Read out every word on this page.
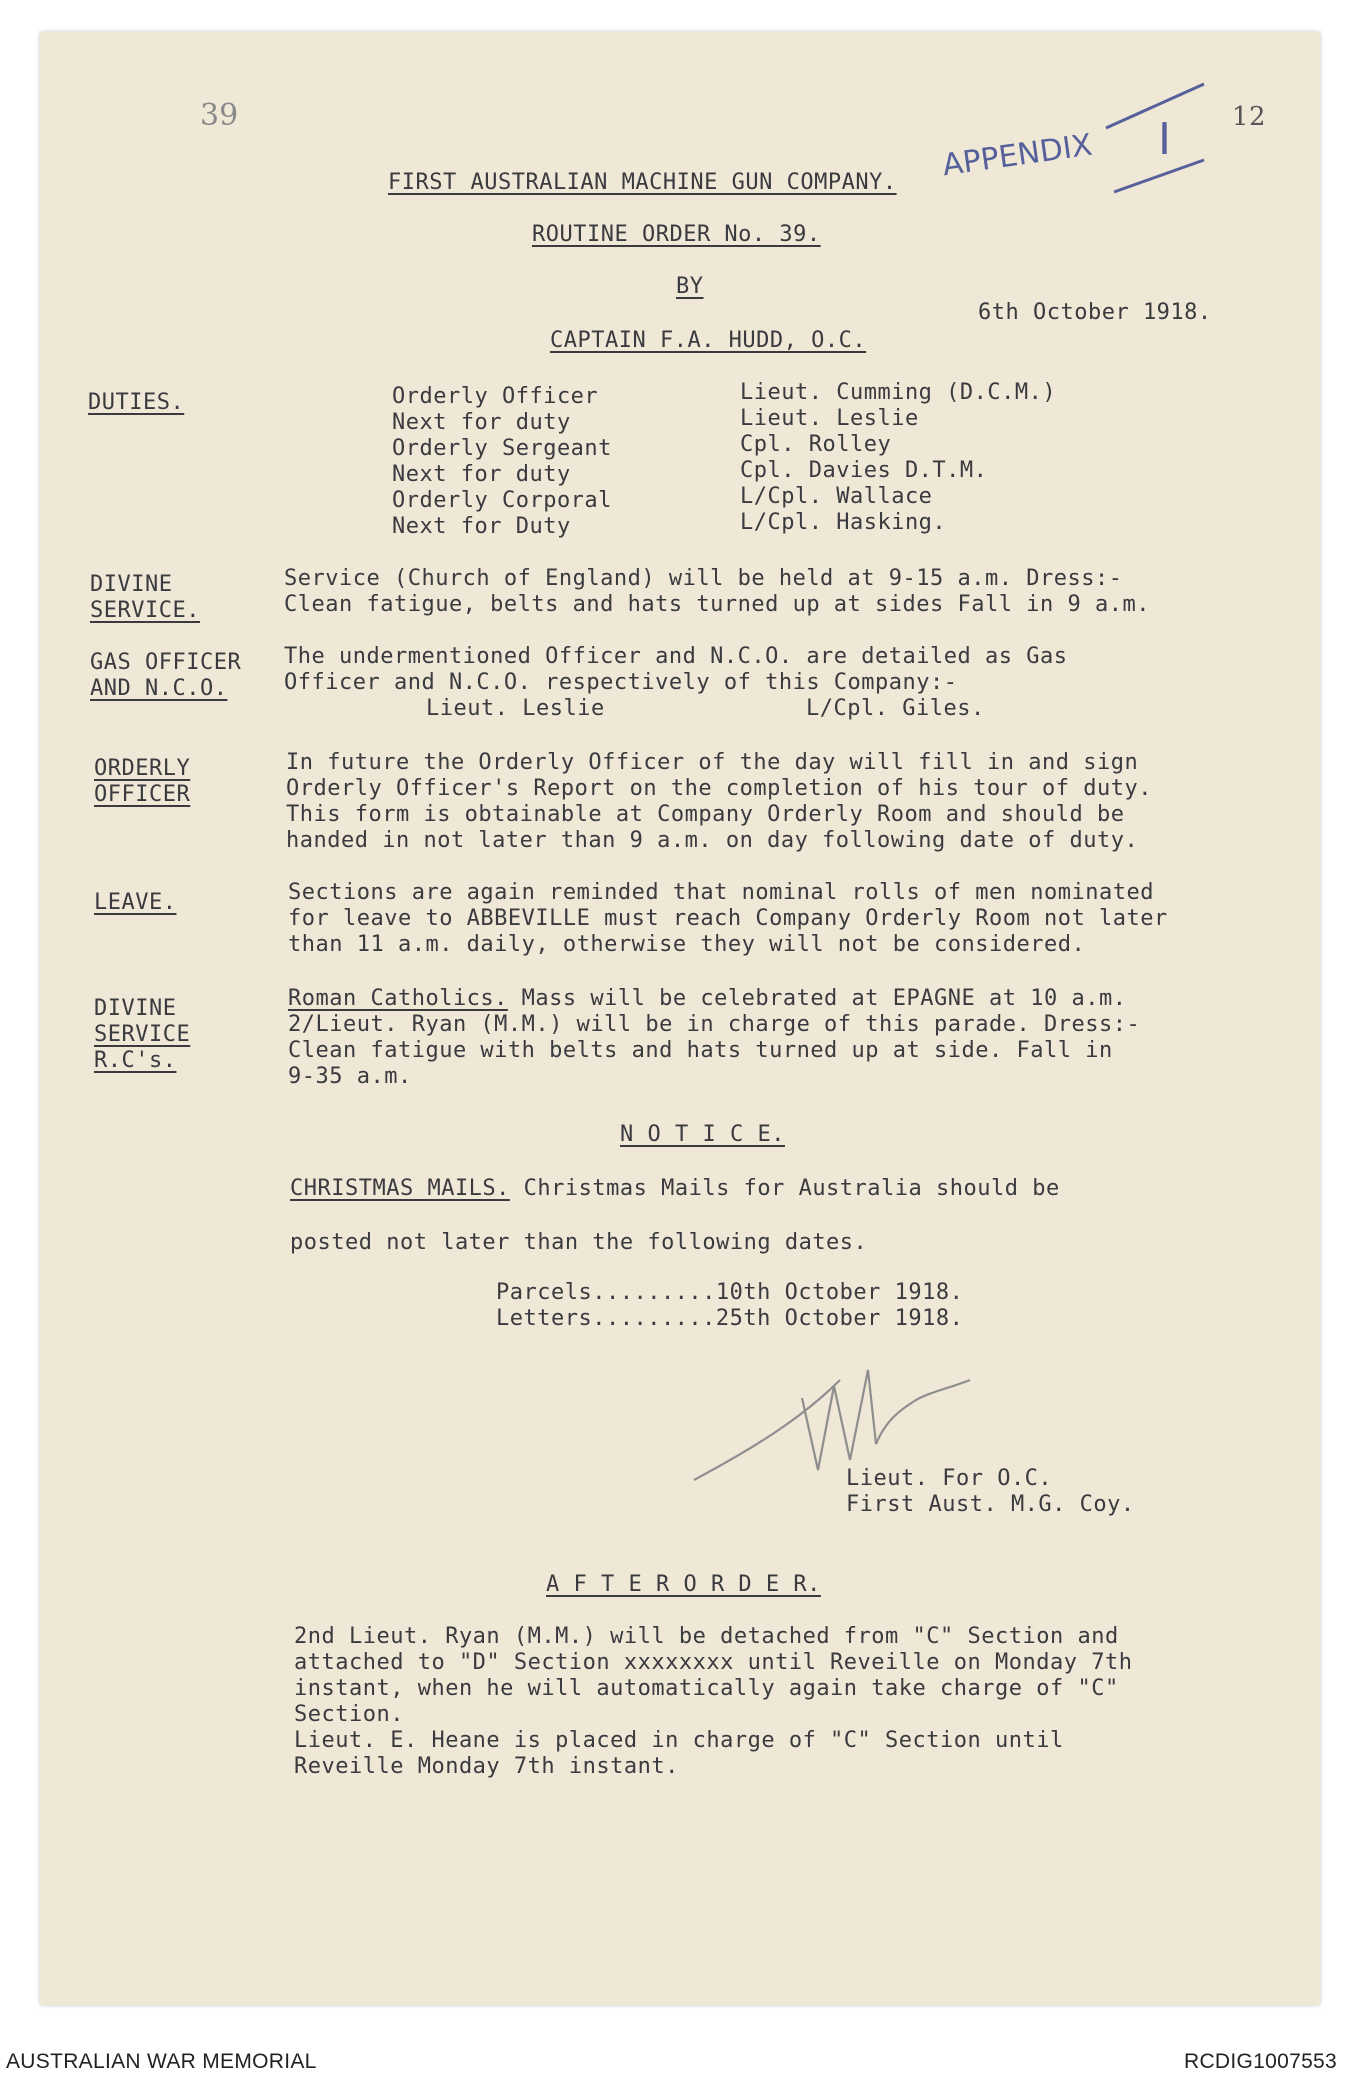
39	12
APPENDIX I
FIRST AUSTRALIAN MACHINE GUN COMPANY.
ROUTINE ORDER No. 39.
BY
6th October 1918.
CAPTAIN F.A. HUDD, O.C.
DUTIES.	Orderly Officer	Lieut. Cumming (D.C.M.)
Next for duty	Lieut. Leslie
Orderly Sergeant	Cpl. Rolley
Next for duty	Cpl. Davies D.T.M.
Orderly Corporal	L/Cpl. Wallace
Next for Duty	L/Cpl. Hasking.
DIVINE
SERVICE.
Service (Church of England) will be held at 9-15 a.m. Dress:-
Clean fatigue, belts and hats turned up at sides Fall in 9 a.m.
GAS OFFICER
AND N.C.O.
The undermentioned Officer and N.C.O. are detailed as Gas
Officer and N.C.O. respectively of this Company:-
Lieut. Leslie	L/Cpl. Giles.
ORDERLY
OFFICER
In future the Orderly Officer of the day will fill in and sign
Orderly Officer's Report on the completion of his tour of duty.
This form is obtainable at Company Orderly Room and should be
handed in not later than 9 a.m. on day following date of duty.
LEAVE.	Sections are again reminded that nominal rolls of men nominated
for leave to ABBEVILLE must reach Company Orderly Room not later
than 11 a.m. daily, otherwise they will not be considered.
DIVINE
SERVICE
R.C's.
Roman Catholics. Mass will be celebrated at EPAGNE at 10 a.m.
2/Lieut. Ryan (M.M.) will be in charge of this parade. Dress:-
Clean fatigue with belts and hats turned up at side. Fall in
9-35 a.m.
N O T I C E.
CHRISTMAS MAILS. Christmas Mails for Australia should be
posted not later than the following dates.
Parcels.........10th October 1918.
Letters.........25th October 1918.
Lieut. For O.C.
First Aust. M.G. Coy.
A F T E R O R D E R.
2nd Lieut. Ryan (M.M.) will be detached from "C" Section and
attached to "D" Section xxxxxxxx until Reveille on Monday 7th
instant, when he will automatically again take charge of "C"
Section.
Lieut. E. Heane is placed in charge of "C" Section until
Reveille Monday 7th instant.
AUSTRALIAN WAR MEMORIAL	RCDIG1007553
